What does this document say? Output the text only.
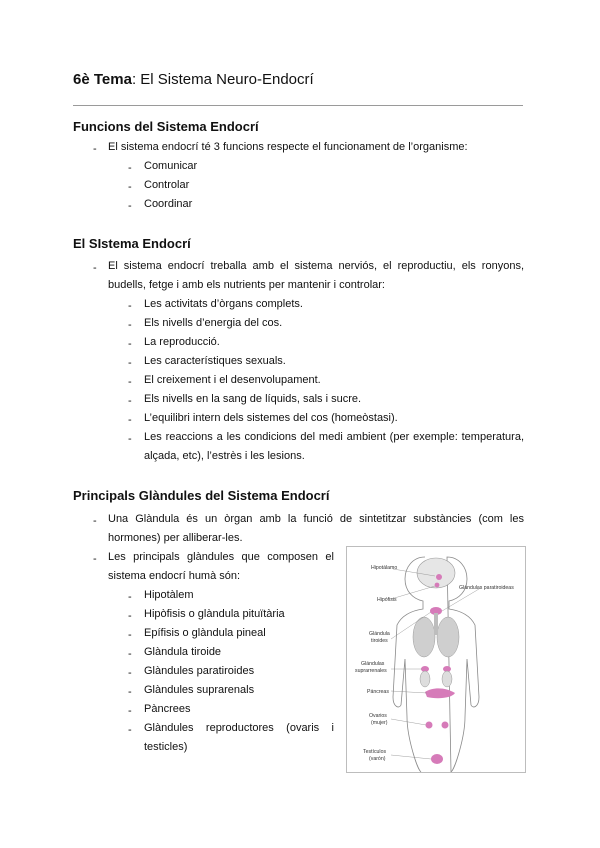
6è Tema: El Sistema Neuro-Endocrí
Funcions del Sistema Endocrí
- El sistema endocrí té 3 funcions respecte el funcionament de l’organisme:
- Comunicar
- Controlar
- Coordinar
El SIstema Endocrí
- El sistema endocrí treballa amb el sistema nerviós, el reproductiu, els ronyons,
budells, fetge i amb els nutrients per mantenir i controlar:
- Les activitats d’òrgans complets.
- Els nivells d’energia del cos.
- La reproducció.
- Les característiques sexuals.
- El creixement i el desenvolupament.
- Els nivells en la sang de líquids, sals i sucre.
- L’equilibri intern dels sistemes del cos (homeòstasi).
- Les reaccions a les condicions del medi ambient (per exemple: temperatura,
alçada, etc), l’estrès i les lesions.
Principals Glàndules del Sistema Endocrí
- Una Glàndula és un òrgan amb la funció de sintetitzar substàncies (com les
hormones) per alliberar-les.
- Les principals glàndules que composen el
sistema endocrí humà són:
- Hipotàlem
- Hipòfisis o glàndula pituïtària
- Epífisis o glàndula pineal
- Glàndula tiroide
- Glàndules paratiroides
- Glàndules suprarenals
- Pàncrees
- Glàndules reproductores (ovaris i
testicles)
Hipotálamo
Hipófisis
Glándulas paratiroideas
Glándula
tiroides
Glándulas
suprarrenales
Páncreas
Ovarios
(mujer)
Testículos
(varón)
